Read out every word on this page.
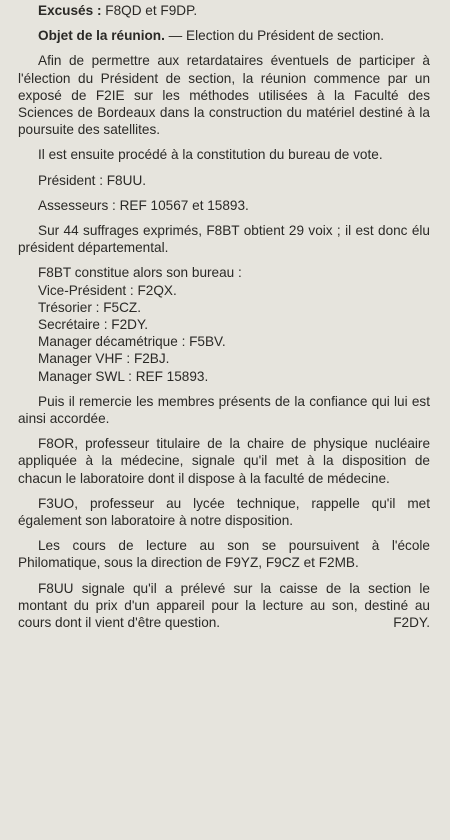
Excusés : F8QD et F9DP.

Objet de la réunion. — Election du Président de section.

Afin de permettre aux retardataires éventuels de participer à l'élection du Président de section, la réunion commence par un exposé de F2IE sur les méthodes utilisées à la Faculté des Sciences de Bordeaux dans la construction du matériel destiné à la poursuite des satellites.

Il est ensuite procédé à la constitution du bureau de vote.

Président : F8UU.

Assesseurs : REF 10567 et 15893.

Sur 44 suffrages exprimés, F8BT obtient 29 voix ; il est donc élu président départemental.

F8BT constitue alors son bureau :

Vice-Président : F2QX.

Trésorier : F5CZ.

Secrétaire : F2DY.

Manager décamétrique : F5BV.

Manager VHF : F2BJ.

Manager SWL : REF 15893.

Puis il remercie les membres présents de la confiance qui lui est ainsi accordée.

F8OR, professeur titulaire de la chaire de physique nucléaire appliquée à la médecine, signale qu'il met à la disposition de chacun le laboratoire dont il dispose à la faculté de médecine.

F3UO, professeur au lycée technique, rappelle qu'il met également son laboratoire à notre disposition.

Les cours de lecture au son se poursuivent à l'école Philomatique, sous la direction de F9YZ, F9CZ et F2MB.

F8UU signale qu'il a prélevé sur la caisse de la section le montant du prix d'un appareil pour la lecture au son, destiné au cours dont il vient d'être question.	F2DY.
